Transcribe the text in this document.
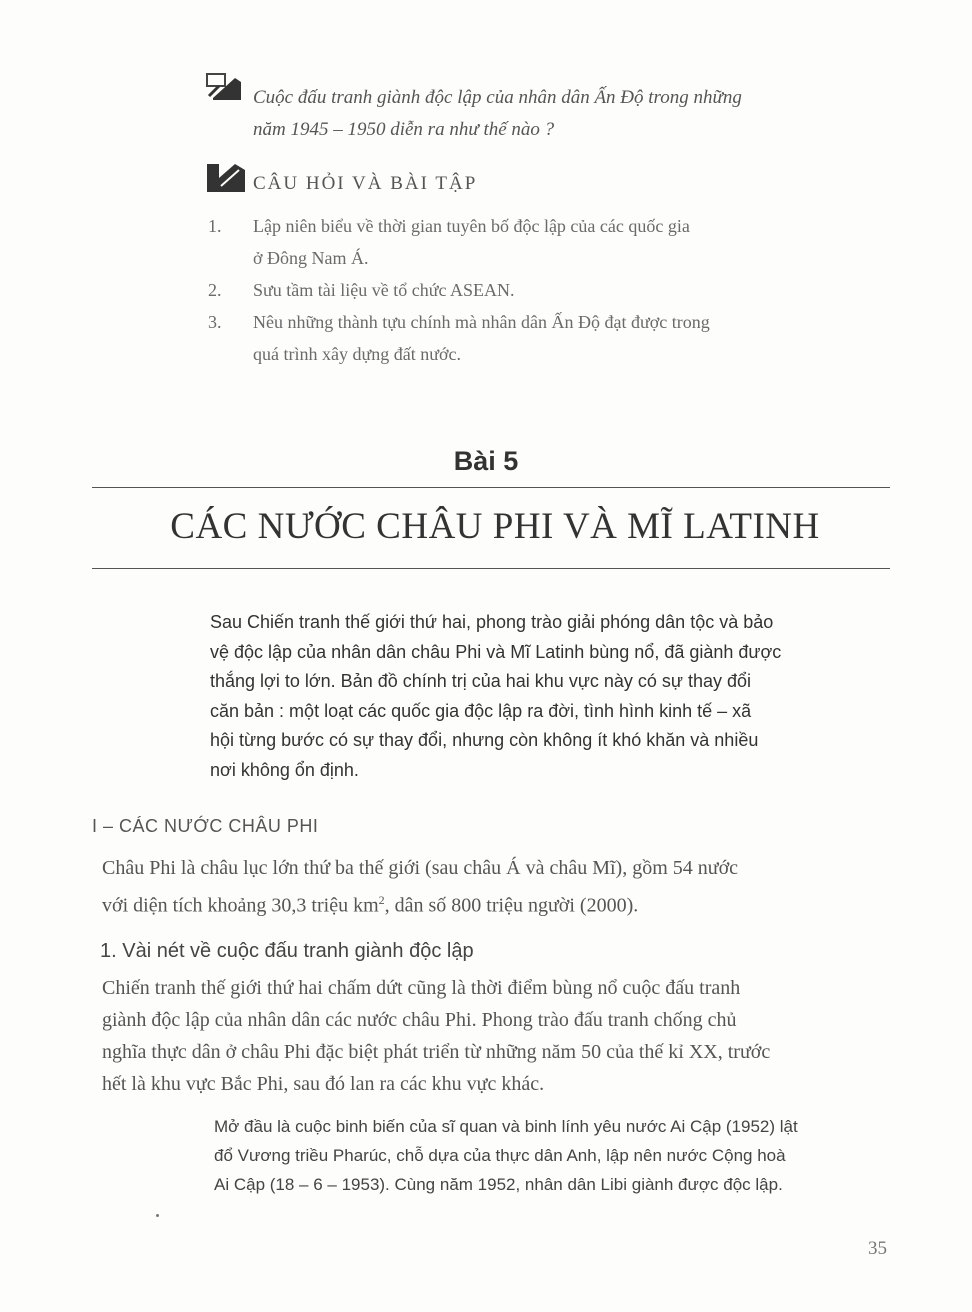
Cuộc đấu tranh giành độc lập của nhân dân Ấn Độ trong những
năm 1945 – 1950 diễn ra như thế nào ?
CÂU HỎI VÀ BÀI TẬP
1. Lập niên biểu về thời gian tuyên bố độc lập của các quốc gia
ở Đông Nam Á.
2. Sưu tầm tài liệu về tổ chức ASEAN.
3. Nêu những thành tựu chính mà nhân dân Ấn Độ đạt được trong
quá trình xây dựng đất nước.
Bài 5
CÁC NƯỚC CHÂU PHI VÀ MĨ LATINH
Sau Chiến tranh thế giới thứ hai, phong trào giải phóng dân tộc và bảo
vệ độc lập của nhân dân châu Phi và Mĩ Latinh bùng nổ, đã giành được
thắng lợi to lớn. Bản đồ chính trị của hai khu vực này có sự thay đổi
căn bản : một loạt các quốc gia độc lập ra đời, tình hình kinh tế – xã
hội từng bước có sự thay đổi, nhưng còn không ít khó khăn và nhiều
nơi không ổn định.
I – CÁC NƯỚC CHÂU PHI
Châu Phi là châu lục lớn thứ ba thế giới (sau châu Á và châu Mĩ), gồm 54 nước
với diện tích khoảng 30,3 triệu $km^2$, dân số 800 triệu người (2000).
1. Vài nét về cuộc đấu tranh giành độc lập
Chiến tranh thế giới thứ hai chấm dứt cũng là thời điểm bùng nổ cuộc đấu tranh
giành độc lập của nhân dân các nước châu Phi. Phong trào đấu tranh chống chủ
nghĩa thực dân ở châu Phi đặc biệt phát triển từ những năm 50 của thế kỉ XX, trước
hết là khu vực Bắc Phi, sau đó lan ra các khu vực khác.
Mở đầu là cuộc binh biến của sĩ quan và binh lính yêu nước Ai Cập (1952) lật
đổ Vương triều Pharúc, chỗ dựa của thực dân Anh, lập nên nước Cộng hoà
Ai Cập (18 – 6 – 1953). Cùng năm 1952, nhân dân Libi giành được độc lập.
35
